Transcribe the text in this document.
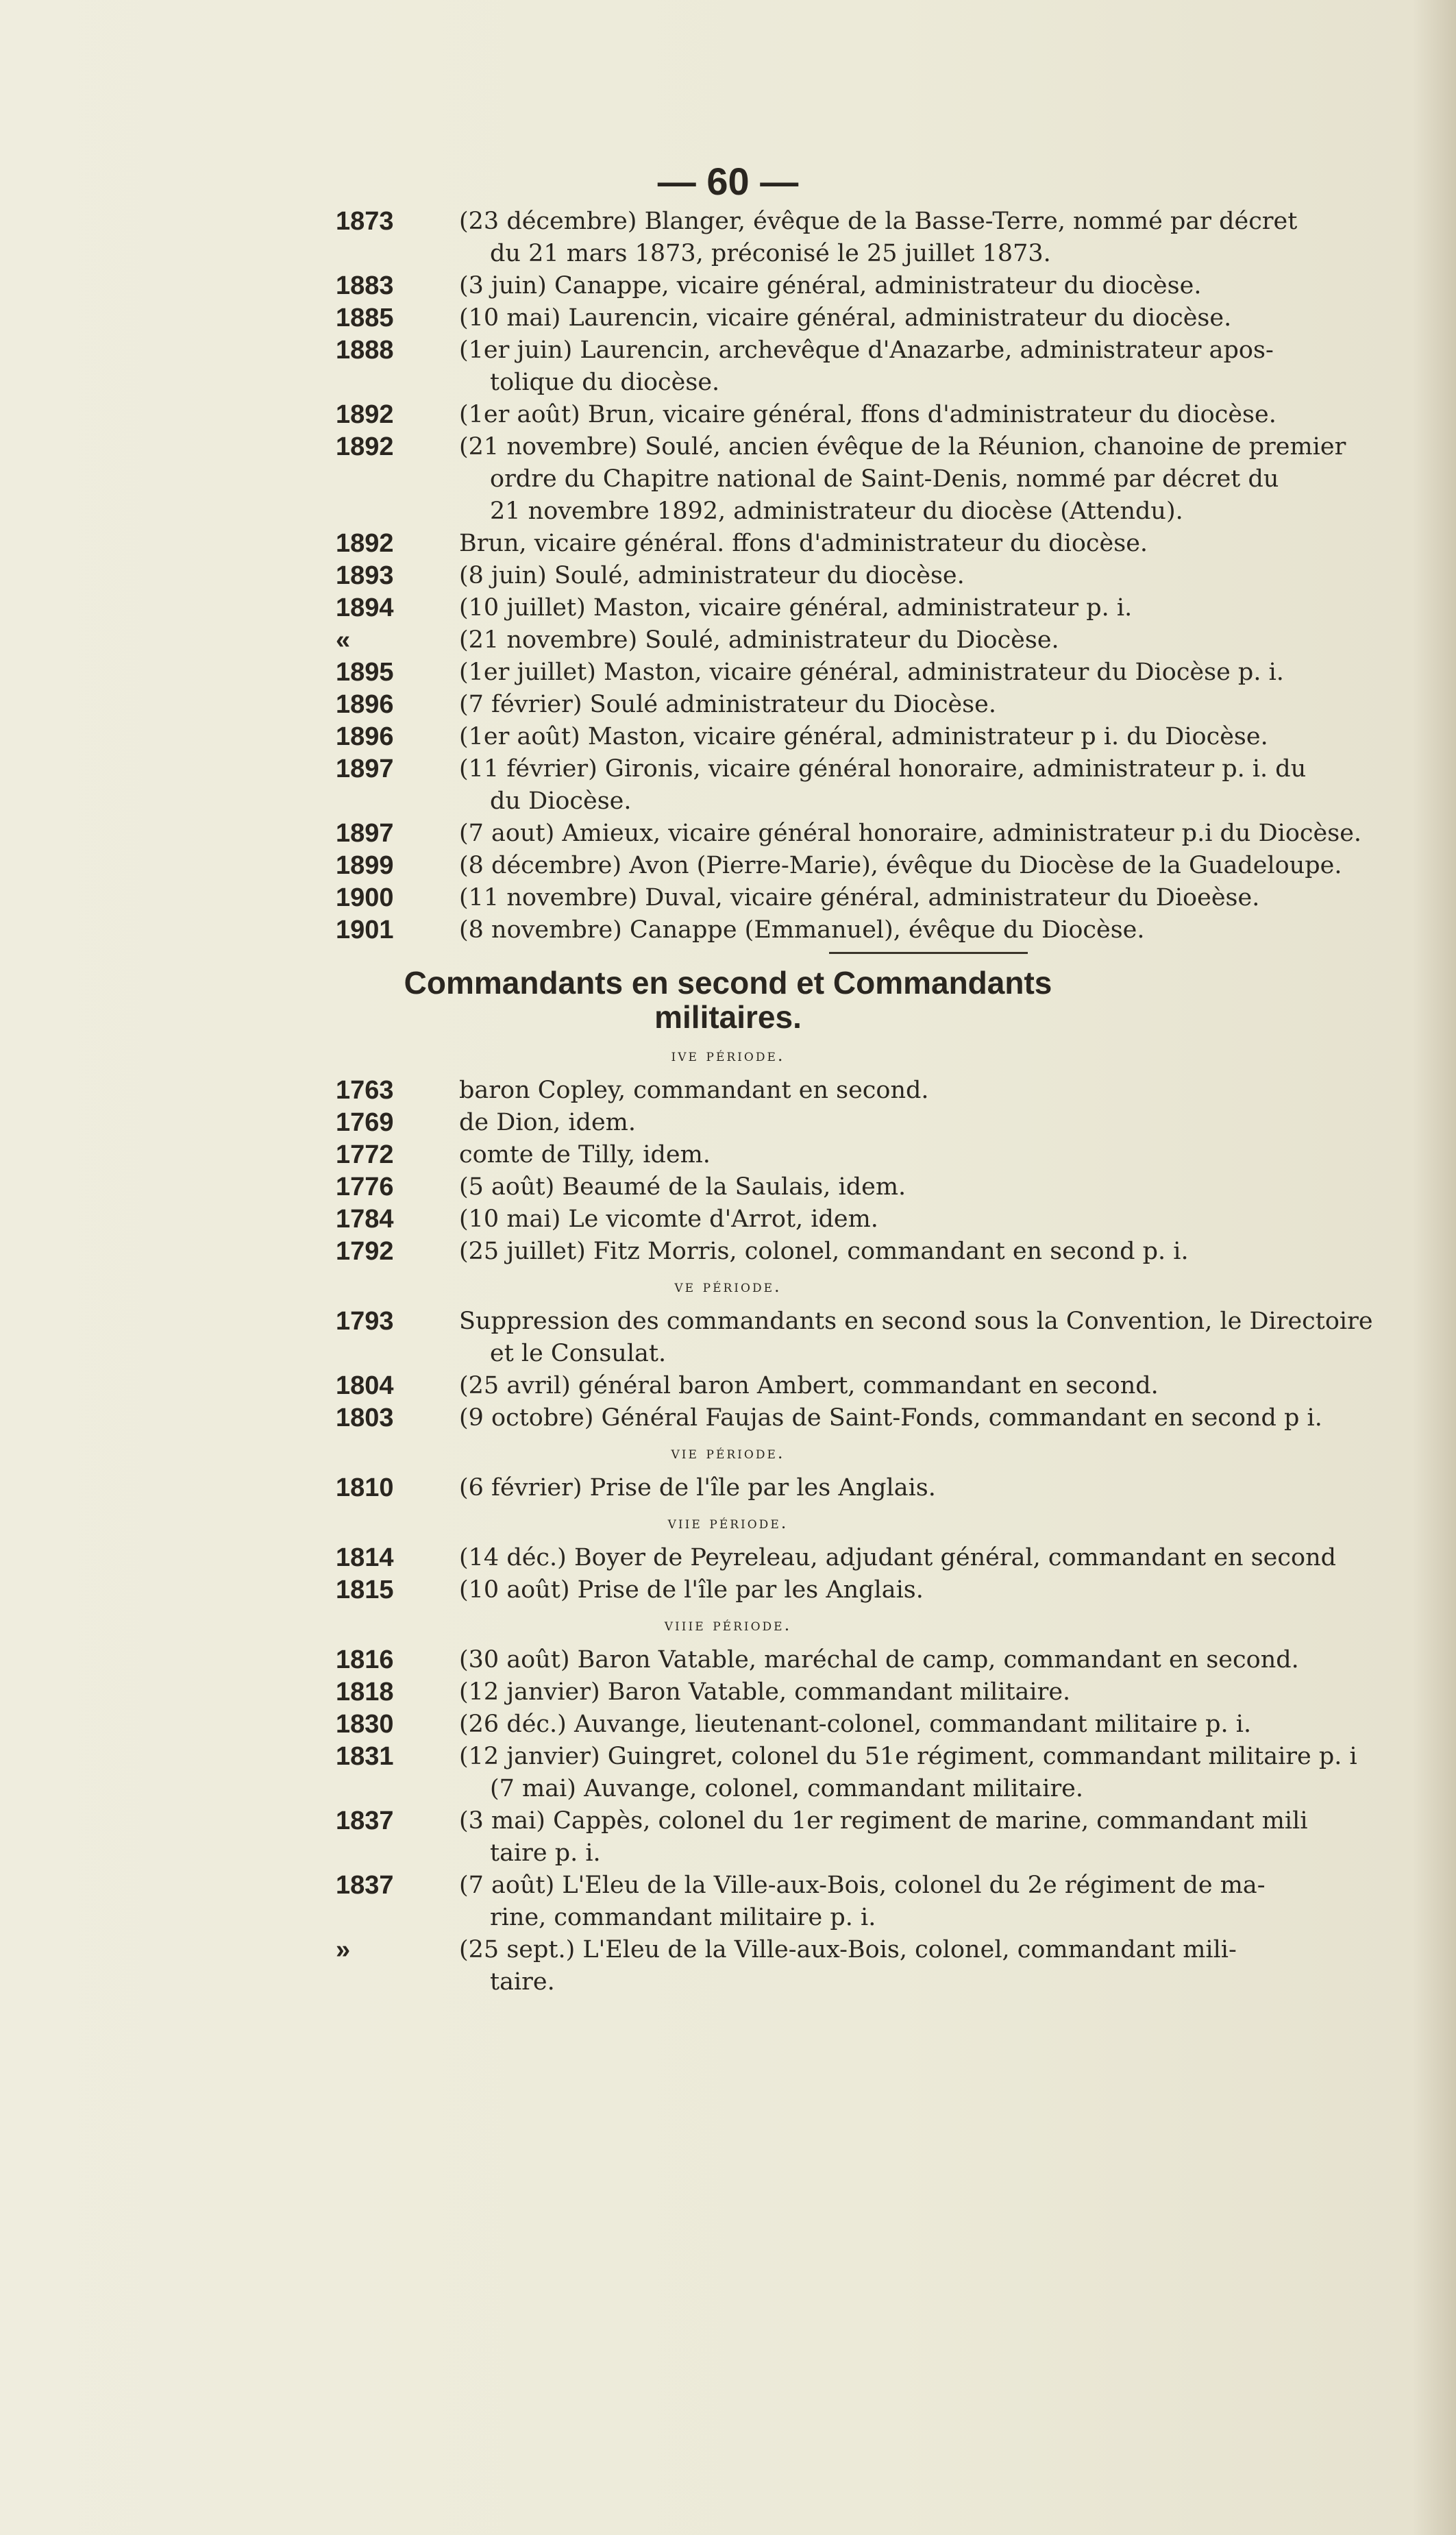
— 60 —
1873	(23 décembre) Blanger, évêque de la Basse-Terre, nommé par décret
du 21 mars 1873, préconisé le 25 juillet 1873.
1883	(3 juin) Canappe, vicaire général, administrateur du diocèse.
1885	(10 mai) Laurencin, vicaire général, administrateur du diocèse.
1888	(1er juin) Laurencin, archevêque d'Anazarbe, administrateur apos-
tolique du diocèse.
1892	(1er août) Brun, vicaire général, ffons d'administrateur du diocèse.
1892	(21 novembre) Soulé, ancien évêque de la Réunion, chanoine de premier
ordre du Chapitre national de Saint-Denis, nommé par décret du
21 novembre 1892, administrateur du diocèse (Attendu).
1892	Brun, vicaire général. ffons d'administrateur du diocèse.
1893	(8 juin) Soulé, administrateur du diocèse.
1894	(10 juillet) Maston, vicaire général, administrateur p. i.
«	(21 novembre) Soulé, administrateur du Diocèse.
1895	(1er juillet) Maston, vicaire général, administrateur du Diocèse p. i.
1896	(7 février) Soulé administrateur du Diocèse.
1896	(1er août) Maston, vicaire général, administrateur p i. du Diocèse.
1897	(11 février) Gironis, vicaire général honoraire, administrateur p. i. du
du Diocèse.
1897	(7 aout) Amieux, vicaire général honoraire, administrateur p.i du Diocèse.
1899	(8 décembre) Avon (Pierre-Marie), évêque du Diocèse de la Guadeloupe.
1900	(11 novembre) Duval, vicaire général, administrateur du Dioeèse.
1901	(8 novembre) Canappe (Emmanuel), évêque du Diocèse.
Commandants en second et Commandants
militaires.
ive période.
1763	baron Copley, commandant en second.
1769	de Dion, idem.
1772	comte de Tilly, idem.
1776	(5 août) Beaumé de la Saulais, idem.
1784	(10 mai) Le vicomte d'Arrot, idem.
1792	(25 juillet) Fitz Morris, colonel, commandant en second p. i.
ve période.
1793	Suppression des commandants en second sous la Convention, le Directoire
et le Consulat.
1804	(25 avril) général baron Ambert, commandant en second.
1803	(9 octobre) Général Faujas de Saint-Fonds, commandant en second p i.
vie période.
1810	(6 février) Prise de l'île par les Anglais.
viie période.
1814	(14 déc.) Boyer de Peyreleau, adjudant général, commandant en second
1815	(10 août) Prise de l'île par les Anglais.
viiie période.
1816	(30 août) Baron Vatable, maréchal de camp, commandant en second.
1818	(12 janvier) Baron Vatable, commandant militaire.
1830	(26 déc.) Auvange, lieutenant-colonel, commandant militaire p. i.
1831	(12 janvier) Guingret, colonel du 51e régiment, commandant militaire p. i
(7 mai) Auvange, colonel, commandant militaire.
1837	(3 mai) Cappès, colonel du 1er regiment de marine, commandant mili
taire p. i.
1837	(7 août) L'Eleu de la Ville-aux-Bois, colonel du 2e régiment de ma-
rine, commandant militaire p. i.
»	(25 sept.) L'Eleu de la Ville-aux-Bois, colonel, commandant mili-
taire.
